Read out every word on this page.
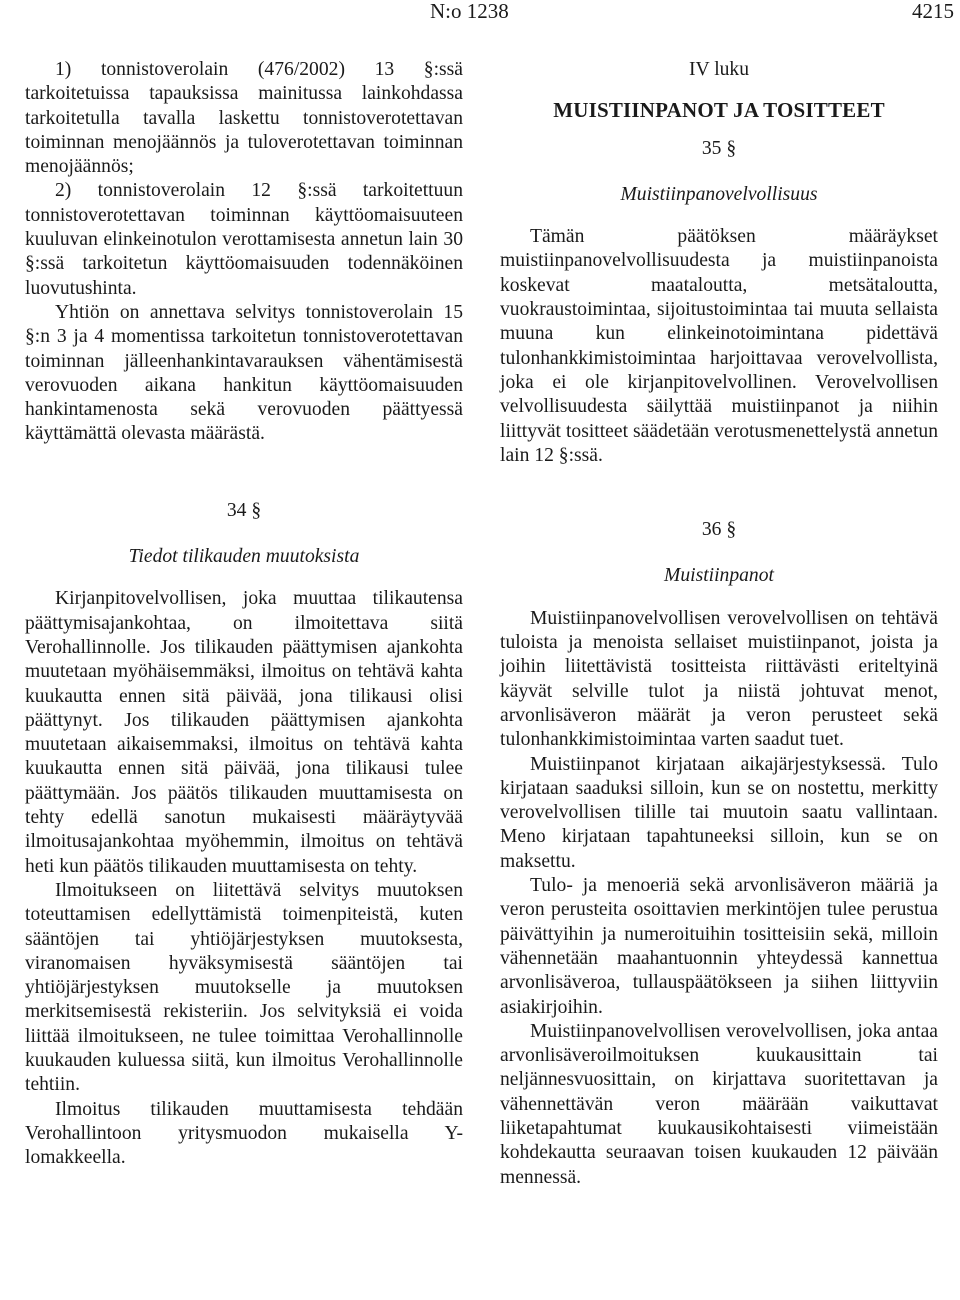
N:o 1238	4215

1) tonnistoverolain (476/2002) 13 §:ssä tarkoitetuissa tapauksissa mainitussa lainkohdassa tarkoitetulla tavalla laskettu tonnistoverotettavan toiminnan menojäännös ja tuloverotettavan toiminnan menojäännös;

2) tonnistoverolain 12 §:ssä tarkoitettuun tonnistoverotettavan toiminnan käyttöomaisuuteen kuuluvan elinkeinotulon verottamisesta annetun lain 30 §:ssä tarkoitetun käyttöomaisuuden todennäköinen luovutushinta.

Yhtiön on annettava selvitys tonnistoverolain 15 §:n 3 ja 4 momentissa tarkoitetun tonnistoverotettavan toiminnan jälleenhankintavarauksen vähentämisestä verovuoden aikana hankitun käyttöomaisuuden hankintamenosta sekä verovuoden päättyessä käyttämättä olevasta määrästä.

34 §
Tiedot tilikauden muutoksista

Kirjanpitovelvollisen, joka muuttaa tilikautensa päättymisajankohtaa, on ilmoitettava siitä Verohallinnolle. Jos tilikauden päättymisen ajankohta muutetaan myöhäisemmäksi, ilmoitus on tehtävä kahta kuukautta ennen sitä päivää, jona tilikausi olisi päättynyt. Jos tilikauden päättymisen ajankohta muutetaan aikaisemmaksi, ilmoitus on tehtävä kahta kuukautta ennen sitä päivää, jona tilikausi tulee päättymään. Jos päätös tilikauden muuttamisesta on tehty edellä sanotun mukaisesti määräytyvää ilmoitusajankohtaa myöhemmin, ilmoitus on tehtävä heti kun päätös tilikauden muuttamisesta on tehty.

Ilmoitukseen on liitettävä selvitys muutoksen toteuttamisen edellyttämistä toimenpiteistä, kuten sääntöjen tai yhtiöjärjestyksen muutoksesta, viranomaisen hyväksymisestä sääntöjen tai yhtiöjärjestyksen muutokselle ja muutoksen merkitsemisestä rekisteriin. Jos selvityksiä ei voida liittää ilmoitukseen, ne tulee toimittaa Verohallinnolle kuukauden kuluessa siitä, kun ilmoitus Verohallinnolle tehtiin.

Ilmoitus tilikauden muuttamisesta tehdään Verohallintoon yritysmuodon mukaisella Y-lomakkeella.

IV luku
MUISTIINPANOT JA TOSITTEET
35 §
Muistiinpanovelvollisuus

Tämän päätöksen määräykset muistiinpanovelvollisuudesta ja muistiinpanoista koskevat maataloutta, metsätaloutta, vuokraustoimintaa, sijoitustoimintaa tai muuta sellaista muuna kun elinkeinotoimintana pidettävä tulonhankkimistoimintaa harjoittavaa verovelvollista, joka ei ole kirjanpitovelvollinen. Verovelvollisen velvollisuudesta säilyttää muistiinpanot ja niihin liittyvät tositteet säädetään verotusmenettelystä annetun lain 12 §:ssä.

36 §
Muistiinpanot

Muistiinpanovelvollisen verovelvollisen on tehtävä tuloista ja menoista sellaiset muistiinpanot, joista ja joihin liitettävistä tositteista riittävästi eriteltyinä käyvät selville tulot ja niistä johtuvat menot, arvonlisäveron määrät ja veron perusteet sekä tulonhankkimistoimintaa varten saadut tuet.

Muistiinpanot kirjataan aikajärjestyksessä. Tulo kirjataan saaduksi silloin, kun se on nostettu, merkitty verovelvollisen tilille tai muutoin saatu vallintaan. Meno kirjataan tapahtuneeksi silloin, kun se on maksettu.

Tulo- ja menoeriä sekä arvonlisäveron määriä ja veron perusteita osoittavien merkintöjen tulee perustua päivättyihin ja numeroituihin tositteisiin sekä, milloin vähennetään maahantuonnin yhteydessä kannettua arvonlisäveroa, tullauspäätökseen ja siihen liittyviin asiakirjoihin.

Muistiinpanovelvollisen verovelvollisen, joka antaa arvonlisäveroilmoituksen kuukausittain tai neljännesvuosittain, on kirjattava suoritettavan ja vähennettävän veron määrään vaikuttavat liiketapahtumat kuukausikohtaisesti viimeistään kohdekautta seuraavan toisen kuukauden 12 päivään mennessä.
